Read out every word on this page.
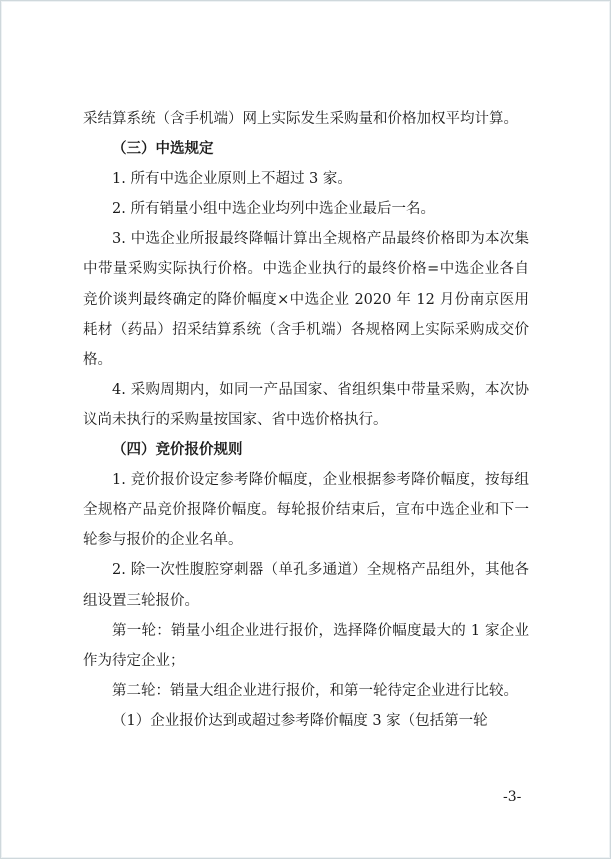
采结算系统（含手机端）网上实际发生采购量和价格加权平均计算。

（三）中选规定

1. 所有中选企业原则上不超过 3 家。

2. 所有销量小组中选企业均列中选企业最后一名。

3. 中选企业所报最终降幅计算出全规格产品最终价格即为本次集中带量采购实际执行价格。中选企业执行的最终价格=中选企业各自竞价谈判最终确定的降价幅度×中选企业 2020 年 12 月份南京医用耗材（药品）招采结算系统（含手机端）各规格网上实际采购成交价格。

4. 采购周期内，如同一产品国家、省组织集中带量采购，本次协议尚未执行的采购量按国家、省中选价格执行。

（四）竞价报价规则

1. 竞价报价设定参考降价幅度，企业根据参考降价幅度，按每组全规格产品竞价报降价幅度。每轮报价结束后，宣布中选企业和下一轮参与报价的企业名单。

2. 除一次性腹腔穿刺器（单孔多通道）全规格产品组外，其他各组设置三轮报价。

第一轮：销量小组企业进行报价，选择降价幅度最大的 1 家企业作为待定企业；

第二轮：销量大组企业进行报价，和第一轮待定企业进行比较。

（1）企业报价达到或超过参考降价幅度 3 家（包括第一轮

-3-
